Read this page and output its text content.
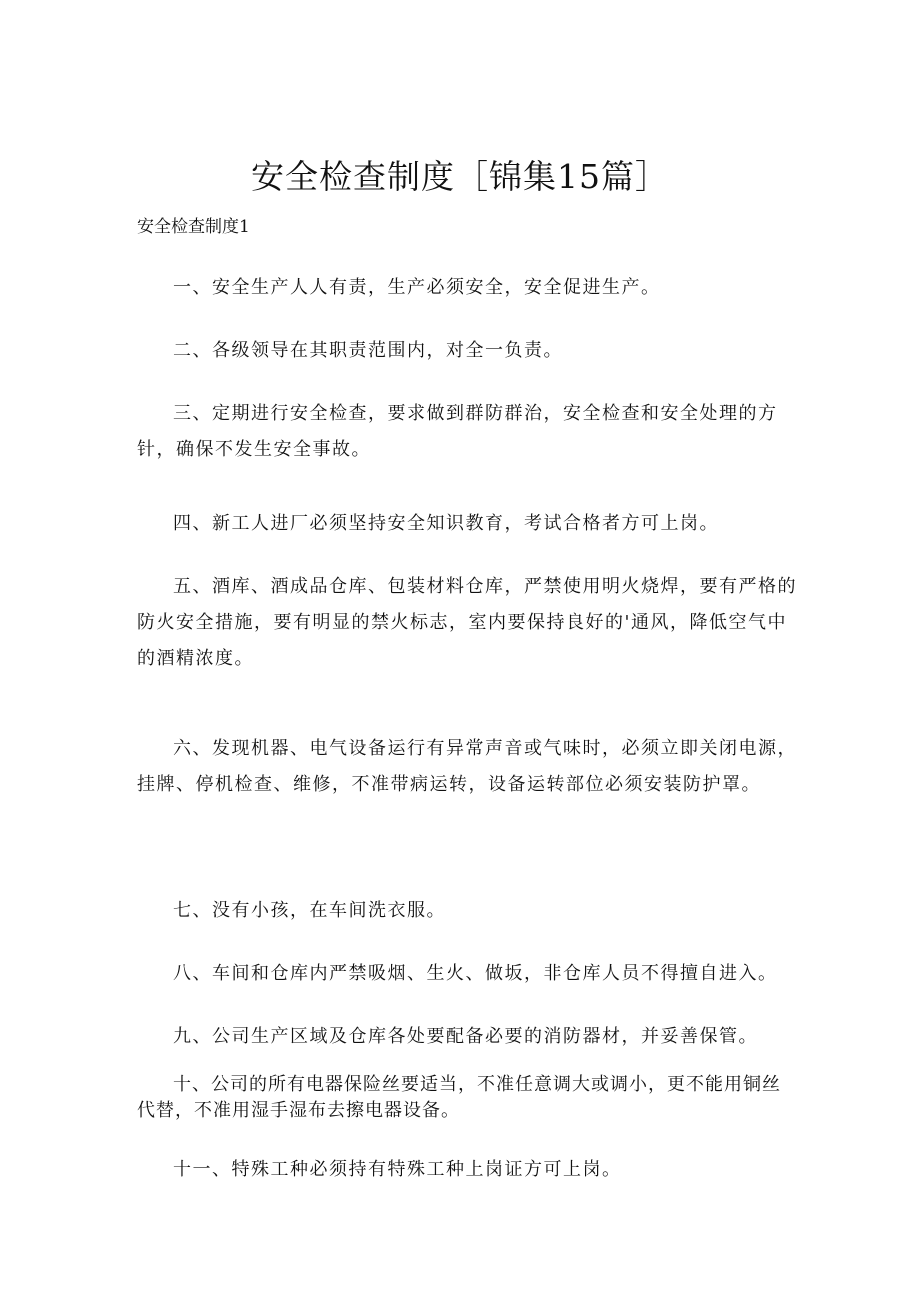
安全检查制度［锦集15篇］
安全检查制度1

一、安全生产人人有责，生产必须安全，安全促进生产。

二、各级领导在其职责范围内，对全一负责。

三、定期进行安全检查，要求做到群防群治，安全检查和安全处理的方针，确保不发生安全事故。

四、新工人进厂必须坚持安全知识教育，考试合格者方可上岗。

五、酒库、酒成品仓库、包装材料仓库，严禁使用明火烧焊，要有严格的防火安全措施，要有明显的禁火标志，室内要保持良好的'通风，降低空气中的酒精浓度。

六、发现机器、电气设备运行有异常声音或气味时，必须立即关闭电源，挂牌、停机检查、维修，不准带病运转，设备运转部位必须安装防护罩。

七、没有小孩，在车间洗衣服。

八、车间和仓库内严禁吸烟、生火、做坂，非仓库人员不得擅自进入。

九、公司生产区域及仓库各处要配备必要的消防器材，并妥善保管。

十、公司的所有电器保险丝要适当，不准任意调大或调小，更不能用铜丝代替，不准用湿手湿布去擦电器设备。

十一、特殊工种必须持有特殊工种上岗证方可上岗。
